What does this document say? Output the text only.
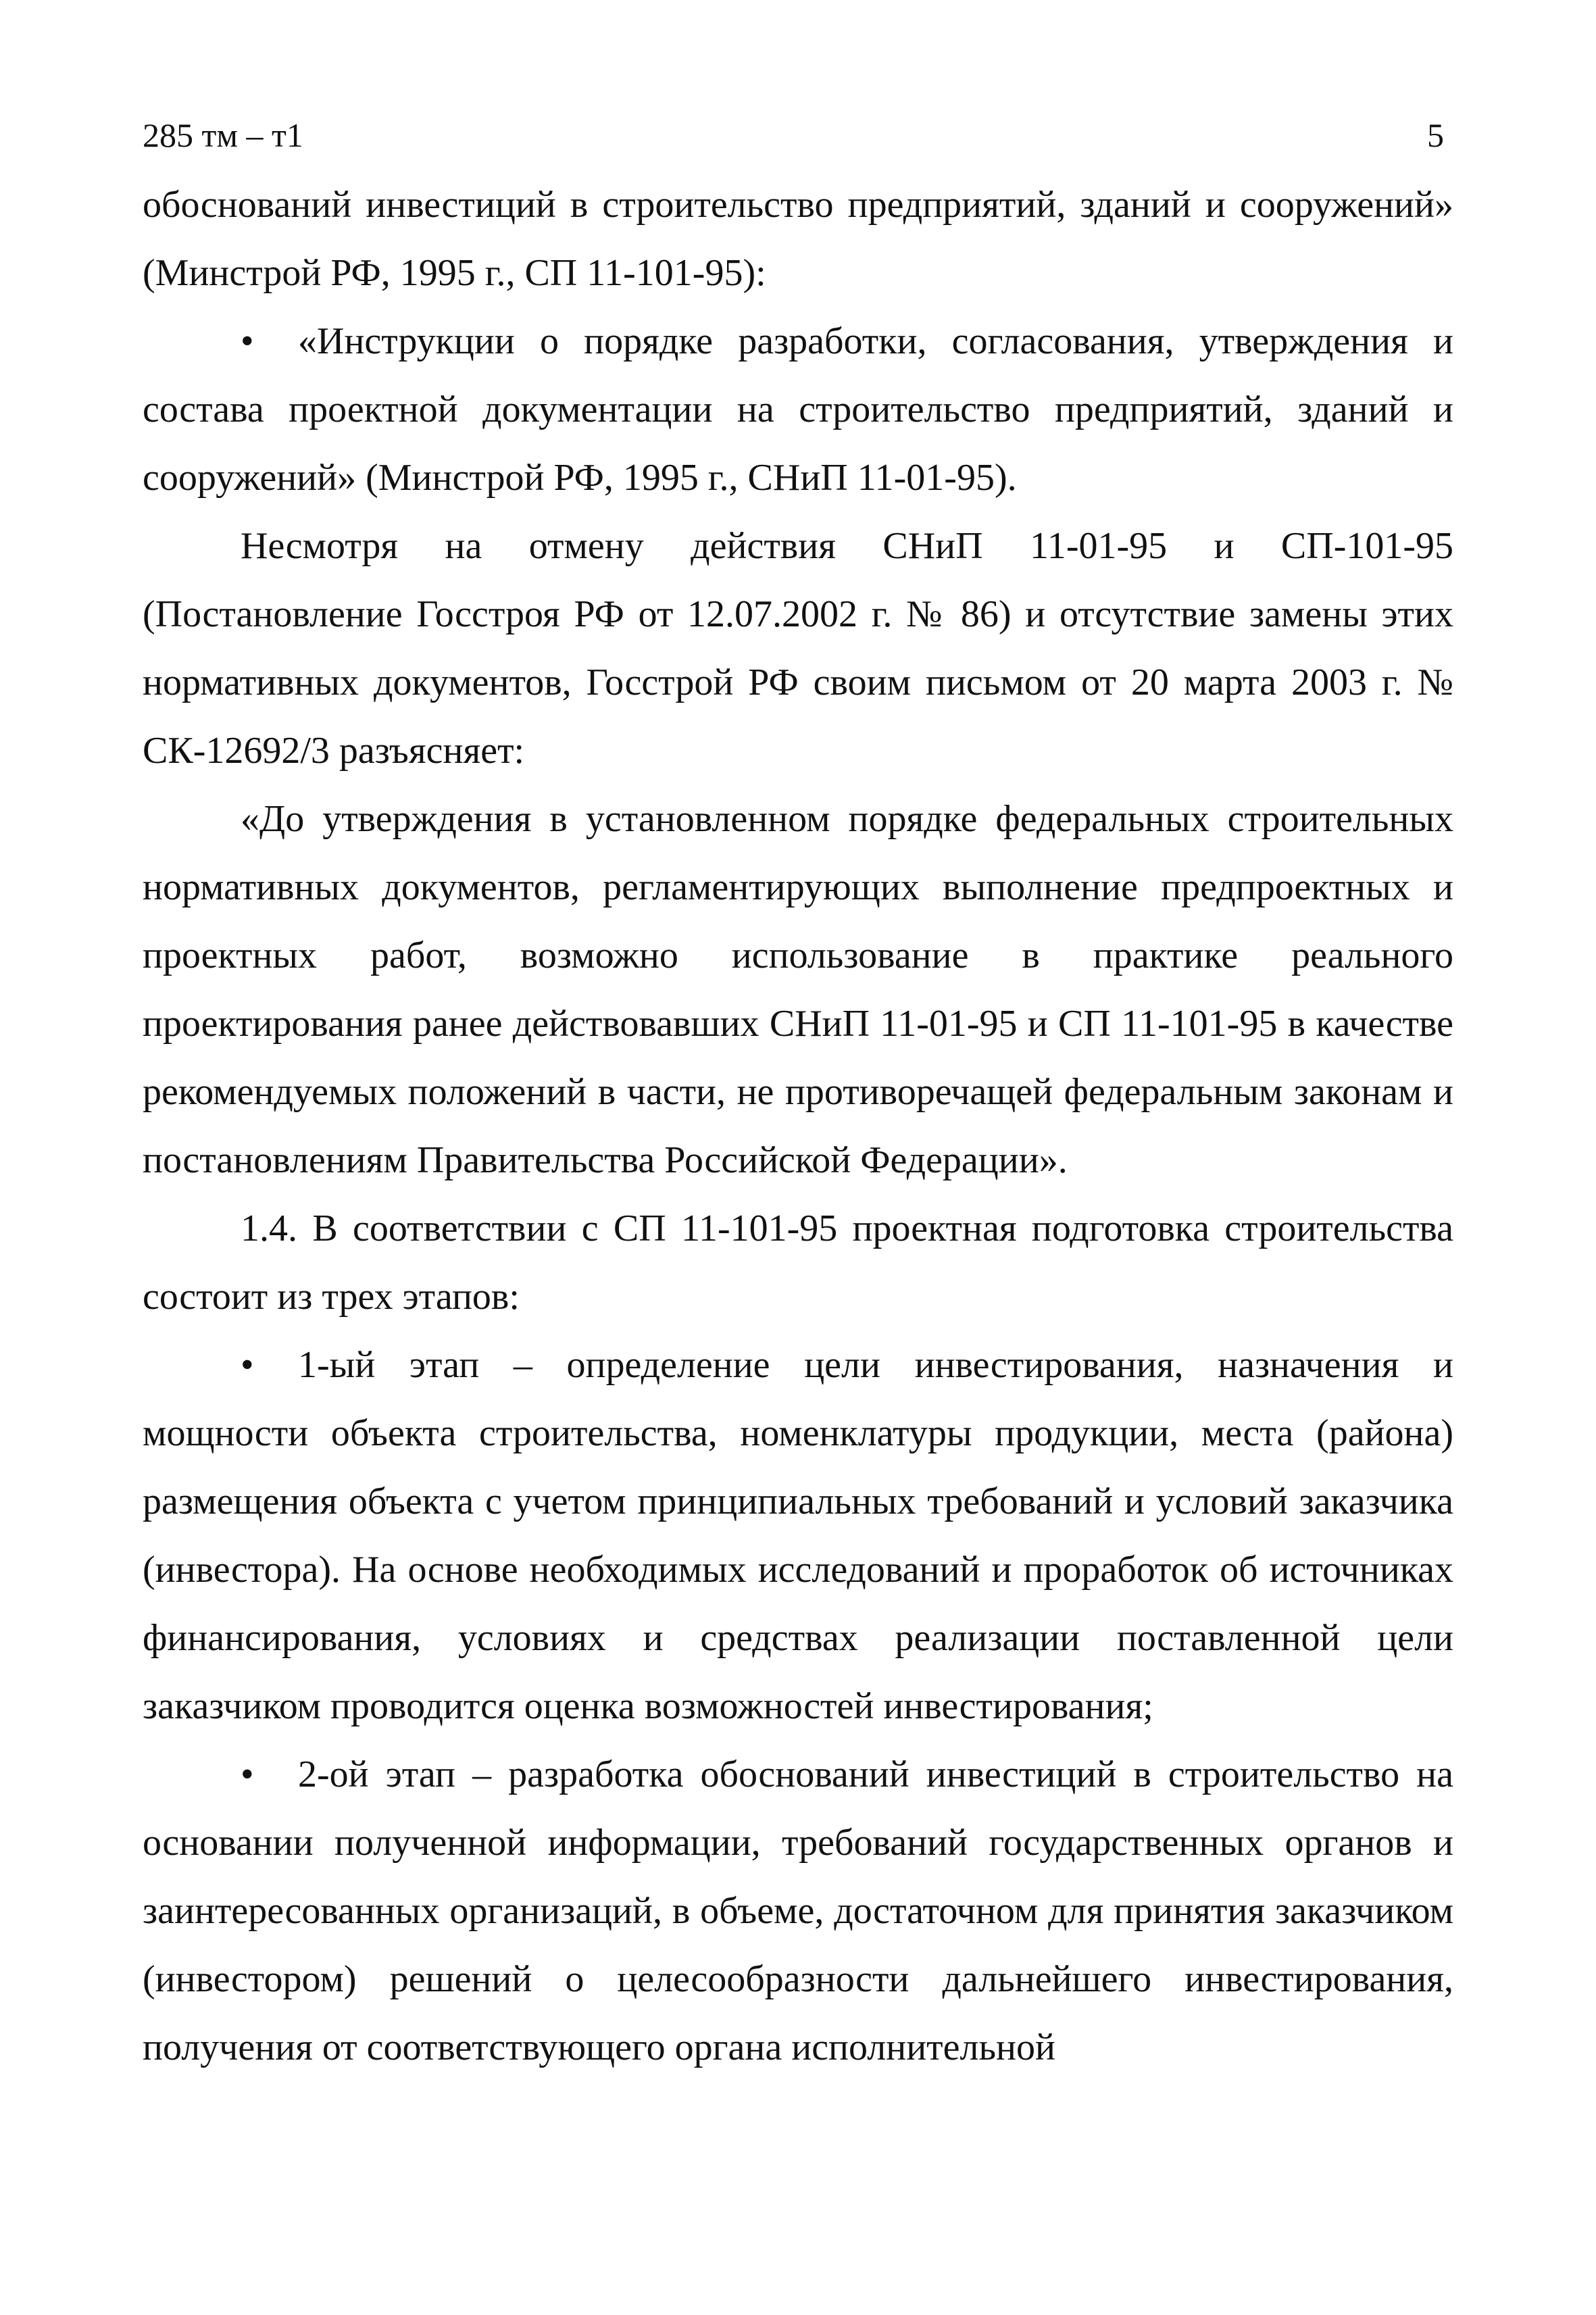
285 тм – т1	5

обоснований инвестиций в строительство предприятий, зданий и сооружений» (Минстрой РФ, 1995 г., СП 11-101-95):

• «Инструкции о порядке разработки, согласования, утверждения и состава проектной документации на строительство предприятий, зданий и сооружений» (Минстрой РФ, 1995 г., СНиП 11-01-95).

Несмотря на отмену действия СНиП 11-01-95 и СП-101-95 (Постановление Госстроя РФ от 12.07.2002 г. № 86) и отсутствие замены этих нормативных документов, Госстрой РФ своим письмом от 20 марта 2003 г. № СК-12692/3 разъясняет:

«До утверждения в установленном порядке федеральных строительных нормативных документов, регламентирующих выполнение предпроектных и проектных работ, возможно использование в практике реального проектирования ранее действовавших СНиП 11-01-95 и СП 11-101-95 в качестве рекомендуемых положений в части, не противоречащей федеральным законам и постановлениям Правительства Российской Федерации».

1.4. В соответствии с СП 11-101-95 проектная подготовка строительства состоит из трех этапов:

• 1-ый этап – определение цели инвестирования, назначения и мощности объекта строительства, номенклатуры продукции, места (района) размещения объекта с учетом принципиальных требований и условий заказчика (инвестора). На основе необходимых исследований и проработок об источниках финансирования, условиях и средствах реализации поставленной цели заказчиком проводится оценка возможностей инвестирования;

• 2-ой этап – разработка обоснований инвестиций в строительство на основании полученной информации, требований государственных органов и заинтересованных организаций, в объеме, достаточном для принятия заказчиком (инвестором) решений о целесообразности дальнейшего инвестирования, получения от соответствующего органа исполнительной
